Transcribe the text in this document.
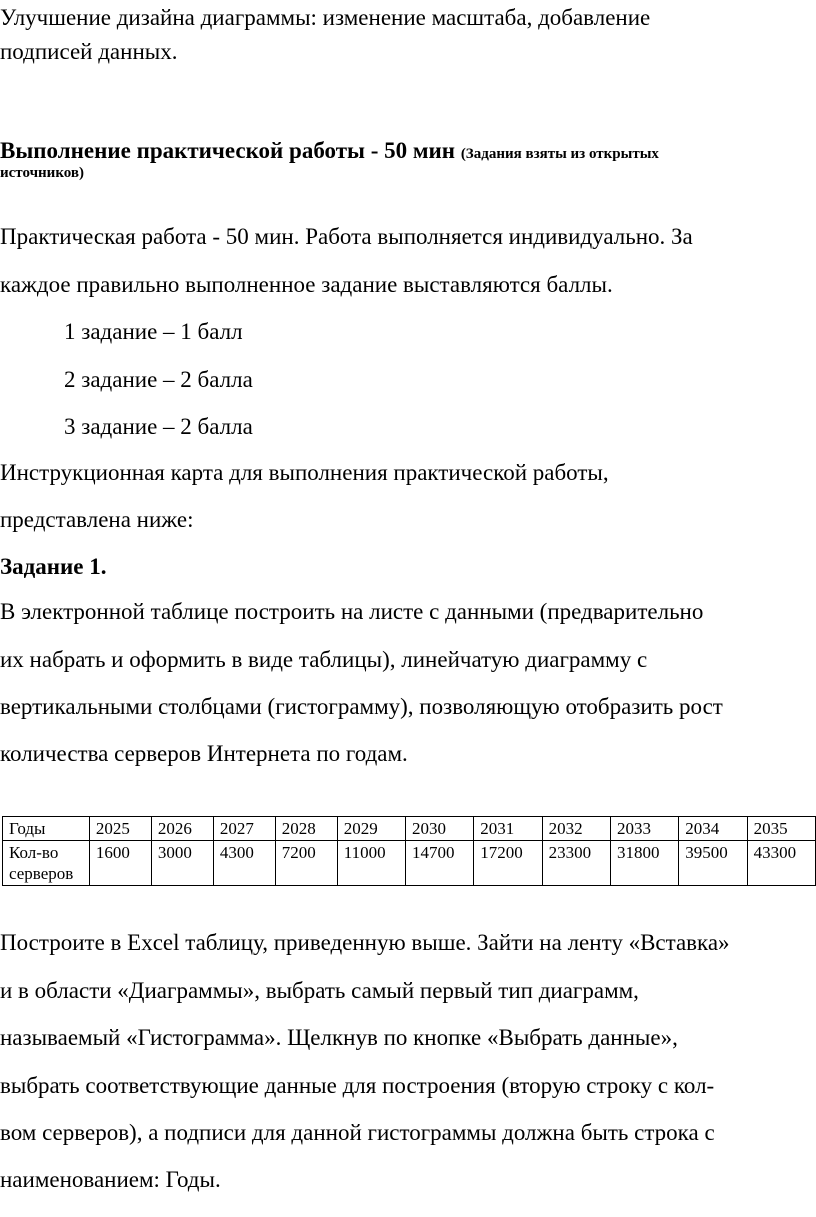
Улучшение дизайна диаграммы: изменение масштаба, добавление
подписей данных.
Выполнение практической работы - 50 мин (Задания взяты из открытых
источников)
Практическая работа - 50 мин. Работа выполняется индивидуально. За
каждое правильно выполненное задание выставляются баллы.
1 задание – 1 балл
2 задание – 2 балла
3 задание – 2 балла
Инструкционная карта для выполнения практической работы,
представлена ниже:
Задание 1.
В электронной таблице построить на листе с данными (предварительно
их набрать и оформить в виде таблицы), линейчатую диаграмму с
вертикальными столбцами (гистограмму), позволяющую отобразить рост
количества серверов Интернета по годам.
Годы	2025	2026	2027	2028	2029	2030	2031	2032	2033	2034	2035

Кол-во
серверов	1600	3000	4300	7200	11000	14700	17200	23300	31800	39500	43300
Построите в Excel таблицу, приведенную выше. Зайти на ленту «Вставка»
и в области «Диаграммы», выбрать самый первый тип диаграмм,
называемый «Гистограмма». Щелкнув по кнопке «Выбрать данные»,
выбрать соответствующие данные для построения (вторую строку с кол-
вом серверов), а подписи для данной гистограммы должна быть строка с
наименованием: Годы.
